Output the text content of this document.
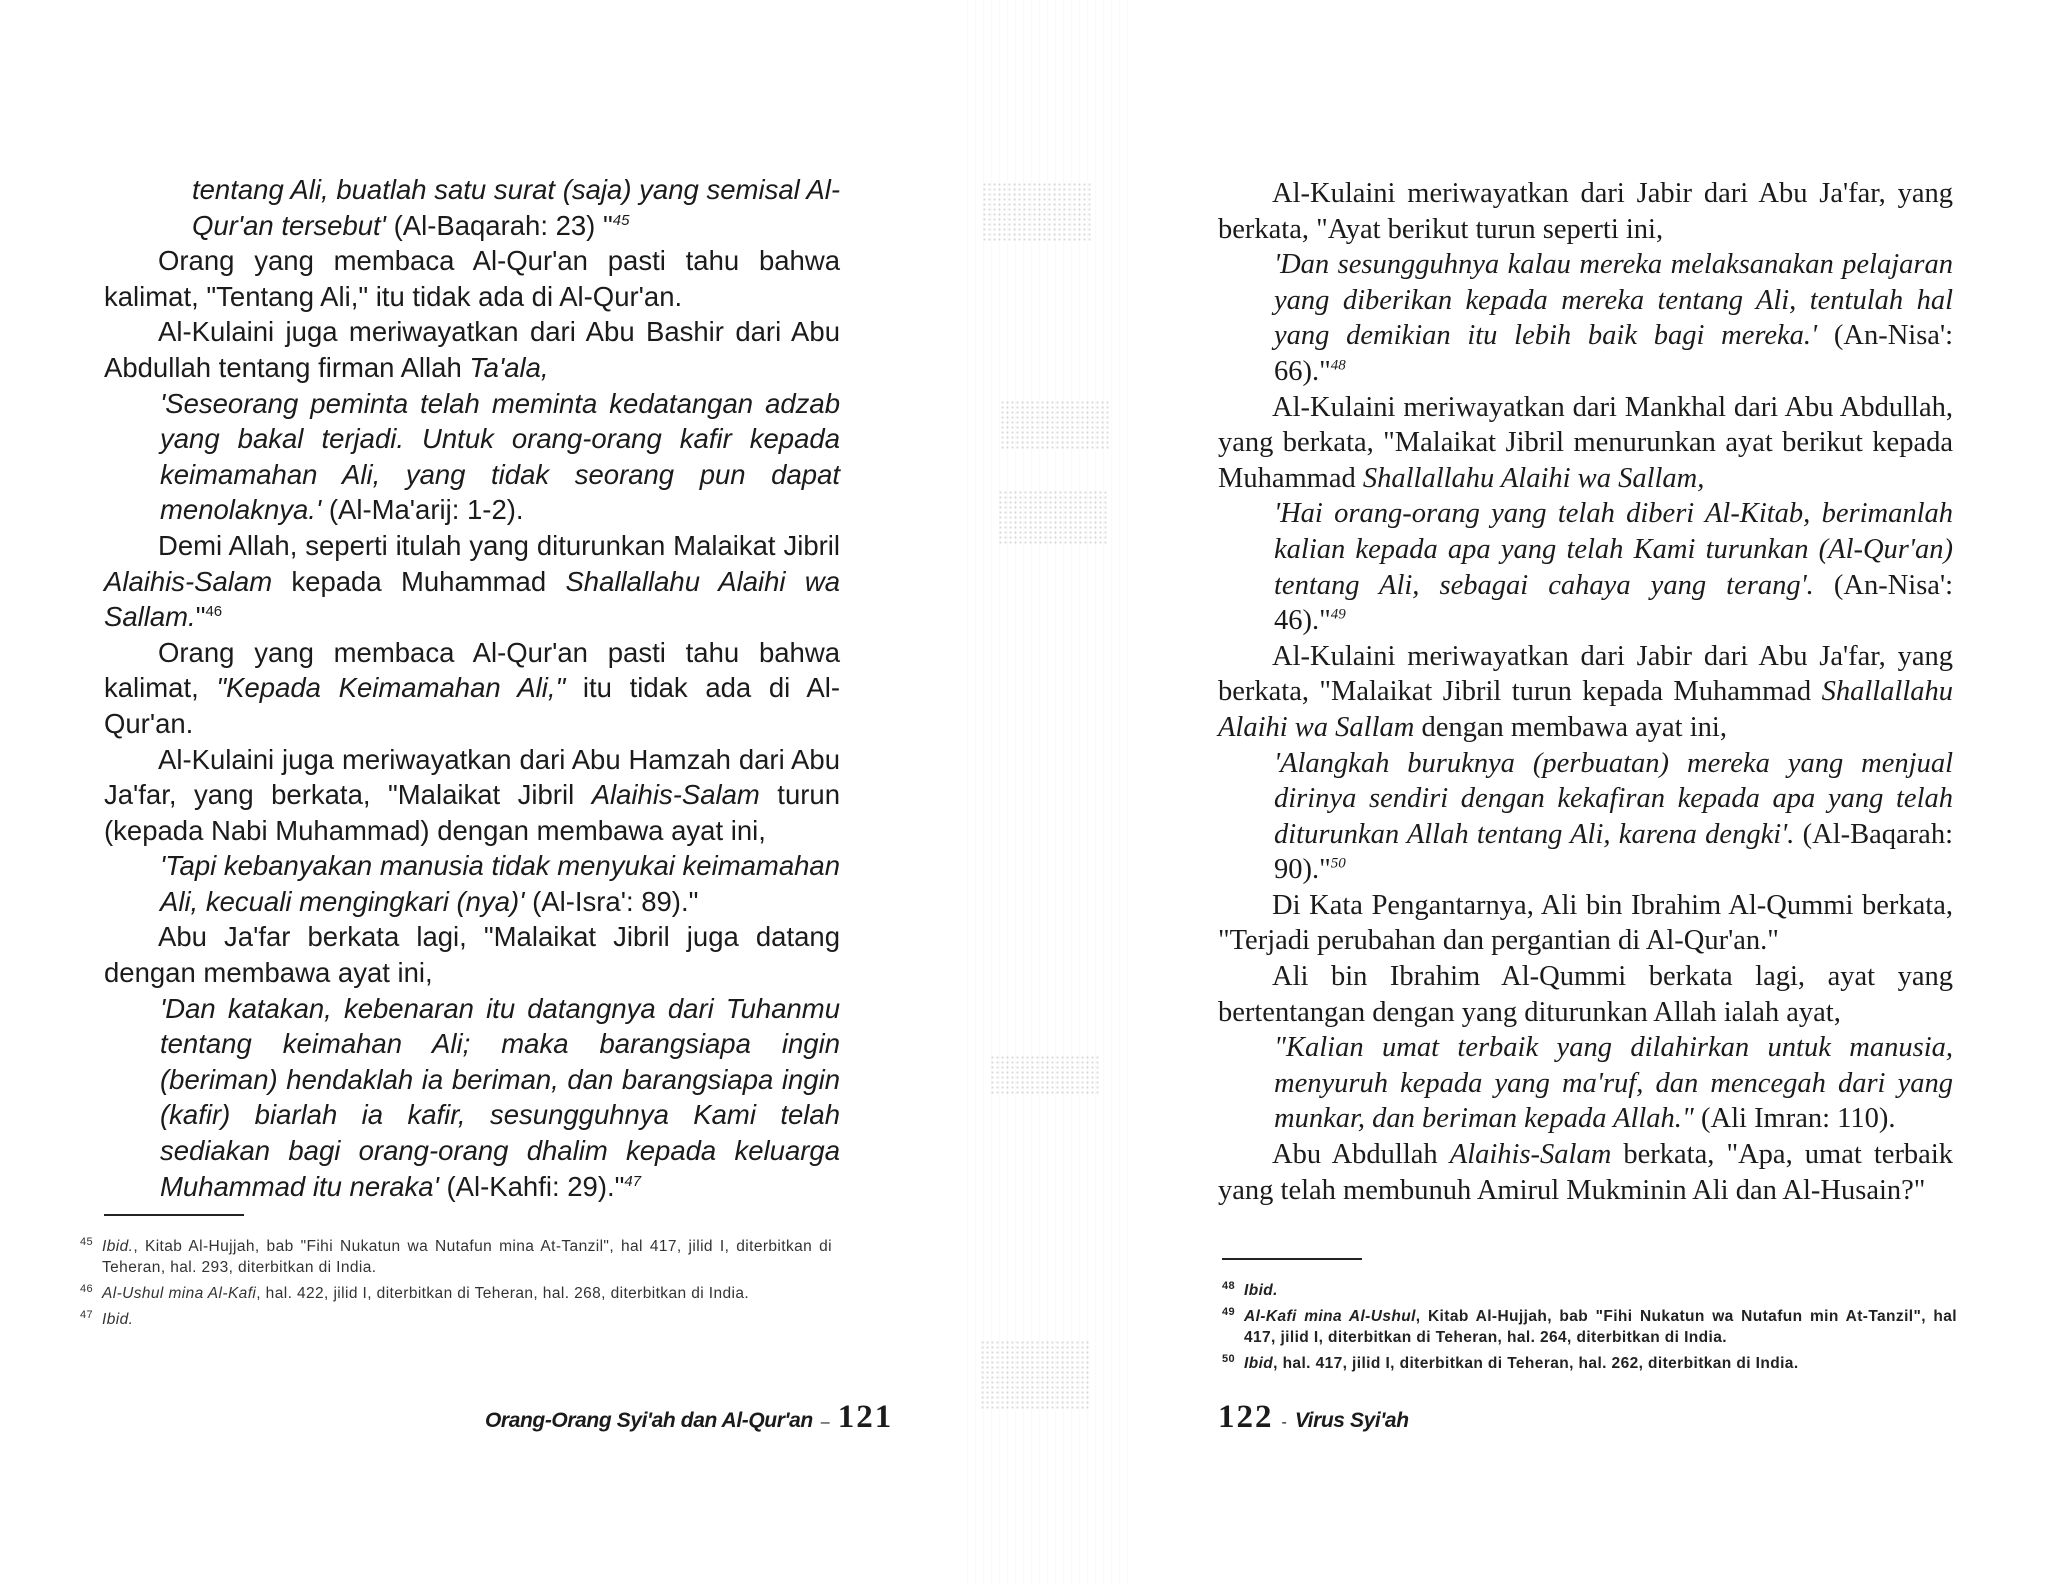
tentang Ali, buatlah satu surat (saja) yang semisal Al-Qur'an tersebut' (Al-Baqarah: 23) "$^{45}$

Orang yang membaca Al-Qur'an pasti tahu bahwa kalimat, "Tentang Ali," itu tidak ada di Al-Qur'an.

Al-Kulaini juga meriwayatkan dari Abu Bashir dari Abu Abdullah tentang firman Allah Ta'ala,

'Seseorang peminta telah meminta kedatangan adzab yang bakal terjadi. Untuk orang-orang kafir kepada keimamahan Ali, yang tidak seorang pun dapat menolaknya.' (Al-Ma'arij: 1-2).

Demi Allah, seperti itulah yang diturunkan Malaikat Jibril Alaihis-Salam kepada Muhammad Shallallahu Alaihi wa Sallam."$^{46}$

Orang yang membaca Al-Qur'an pasti tahu bahwa kalimat, "Kepada Keimamahan Ali," itu tidak ada di Al-Qur'an.

Al-Kulaini juga meriwayatkan dari Abu Hamzah dari Abu Ja'far, yang berkata, "Malaikat Jibril Alaihis-Salam turun (kepada Nabi Muhammad) dengan membawa ayat ini,

'Tapi kebanyakan manusia tidak menyukai keimamahan Ali, kecuali mengingkari (nya)' (Al-Isra': 89)."

Abu Ja'far berkata lagi, "Malaikat Jibril juga datang dengan membawa ayat ini,

'Dan katakan, kebenaran itu datangnya dari Tuhanmu tentang keimahan Ali; maka barangsiapa ingin (beriman) hendaklah ia beriman, dan barangsiapa ingin (kafir) biarlah ia kafir, sesungguhnya Kami telah sediakan bagi orang-orang dhalim kepada keluarga Muhammad itu neraka' (Al-Kahfi: 29)."$^{47}$

45 Ibid., Kitab Al-Hujjah, bab "Fihi Nukatun wa Nutafun mina At-Tanzil", hal 417, jilid I, diterbitkan di Teheran, hal. 293, diterbitkan di India.

46 Al-Ushul mina Al-Kafi, hal. 422, jilid I, diterbitkan di Teheran, hal. 268, diterbitkan di India.

47 Ibid.

Orang-Orang Syi'ah dan Al-Qur'an – 121

Al-Kulaini meriwayatkan dari Jabir dari Abu Ja'far, yang berkata, "Ayat berikut turun seperti ini,

'Dan sesungguhnya kalau mereka melaksanakan pelajaran yang diberikan kepada mereka tentang Ali, tentulah hal yang demikian itu lebih baik bagi mereka.' (An-Nisa': 66)."$^{48}$

Al-Kulaini meriwayatkan dari Mankhal dari Abu Abdullah, yang berkata, "Malaikat Jibril menurunkan ayat berikut kepada Muhammad Shallallahu Alaihi wa Sallam,

'Hai orang-orang yang telah diberi Al-Kitab, berimanlah kalian kepada apa yang telah Kami turunkan (Al-Qur'an) tentang Ali, sebagai cahaya yang terang'. (An-Nisa': 46)."$^{49}$

Al-Kulaini meriwayatkan dari Jabir dari Abu Ja'far, yang berkata, "Malaikat Jibril turun kepada Muhammad Shallallahu Alaihi wa Sallam dengan membawa ayat ini,

'Alangkah buruknya (perbuatan) mereka yang menjual dirinya sendiri dengan kekafiran kepada apa yang telah diturunkan Allah tentang Ali, karena dengki'. (Al-Baqarah: 90)."$^{50}$

Di Kata Pengantarnya, Ali bin Ibrahim Al-Qummi berkata, "Terjadi perubahan dan pergantian di Al-Qur'an."

Ali bin Ibrahim Al-Qummi berkata lagi, ayat yang bertentangan dengan yang diturunkan Allah ialah ayat,

"Kalian umat terbaik yang dilahirkan untuk manusia, menyuruh kepada yang ma'ruf, dan mencegah dari yang munkar, dan beriman kepada Allah." (Ali Imran: 110).

Abu Abdullah Alaihis-Salam berkata, "Apa, umat terbaik yang telah membunuh Amirul Mukminin Ali dan Al-Husain?"

48 Ibid.

49 Al-Kafi mina Al-Ushul, Kitab Al-Hujjah, bab "Fihi Nukatun wa Nutafun min At-Tanzil", hal 417, jilid I, diterbitkan di Teheran, hal. 264, diterbitkan di India.

50 Ibid, hal. 417, jilid I, diterbitkan di Teheran, hal. 262, diterbitkan di India.

122 - Virus Syi'ah
